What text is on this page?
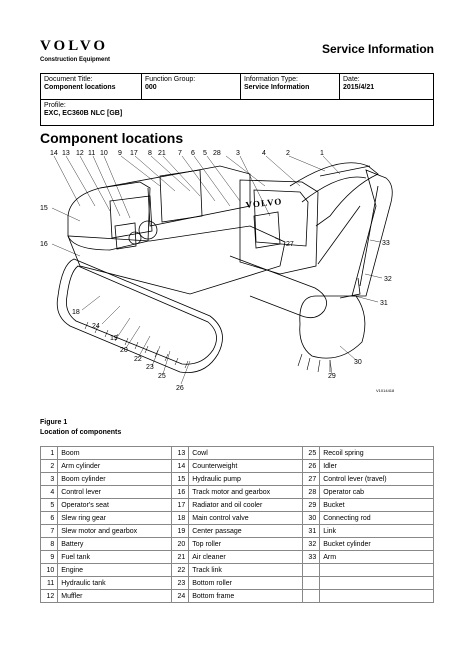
VOLVO
Construction Equipment
Service Information
Document Title:
Component locations

Function Group:
000

Information Type:
Service Information

Date:
2015/4/21

Profile:
EXC, EC360B NLC [GB]
Component locations
VOLVO
14 13 12 11 10 9 17 8 21 7 6 5 28 3	4	2	1
15
16	27	33
32
31
18
24
19
20
22
23
25
26
30
29
V1014418
Figure 1
Location of components
1	Boom	13	Cowl	25	Recoil spring
2	Arm cylinder	14	Counterweight	26	Idler
3	Boom cylinder	15	Hydraulic pump	27	Control lever (travel)
4	Control lever	16	Track motor and gearbox	28	Operator cab
5	Operator's seat	17	Radiator and oil cooler	29	Bucket
6	Slew ring gear	18	Main control valve	30	Connecting rod
7	Slew motor and gearbox	19	Center passage	31	Link
8	Battery	20	Top roller	32	Bucket cylinder
9	Fuel tank	21	Air cleaner	33	Arm
10	Engine	22	Track link		
11	Hydraulic tank	23	Bottom roller		
12	Muffler	24	Bottom frame		
